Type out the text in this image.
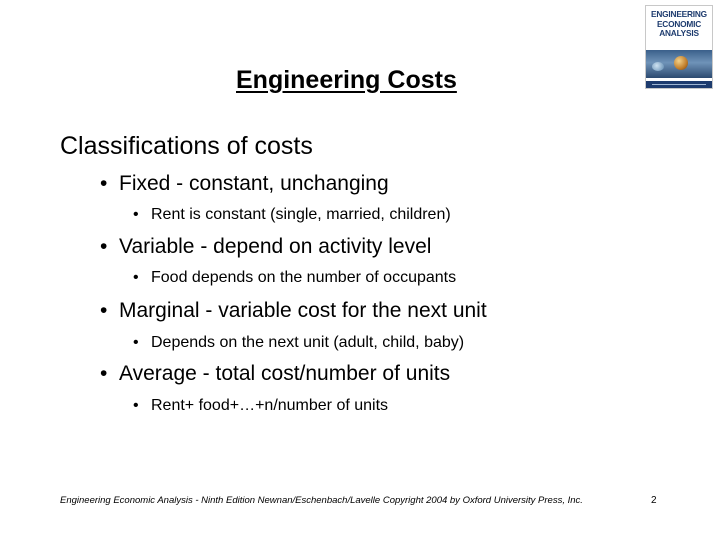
Engineering Costs
ENGINEERING ECONOMIC ANALYSIS
Classifications of costs
• Fixed - constant, unchanging
• Rent is constant (single, married, children)
• Variable - depend on activity level
• Food depends on the number of occupants
• Marginal - variable cost for the next unit
• Depends on the next unit (adult, child, baby)
• Average - total cost/number of units
• Rent+ food+…+n/number of units
Engineering Economic Analysis - Ninth Edition Newnan/Eschenbach/Lavelle Copyright 2004 by Oxford University Press, Inc.	2
